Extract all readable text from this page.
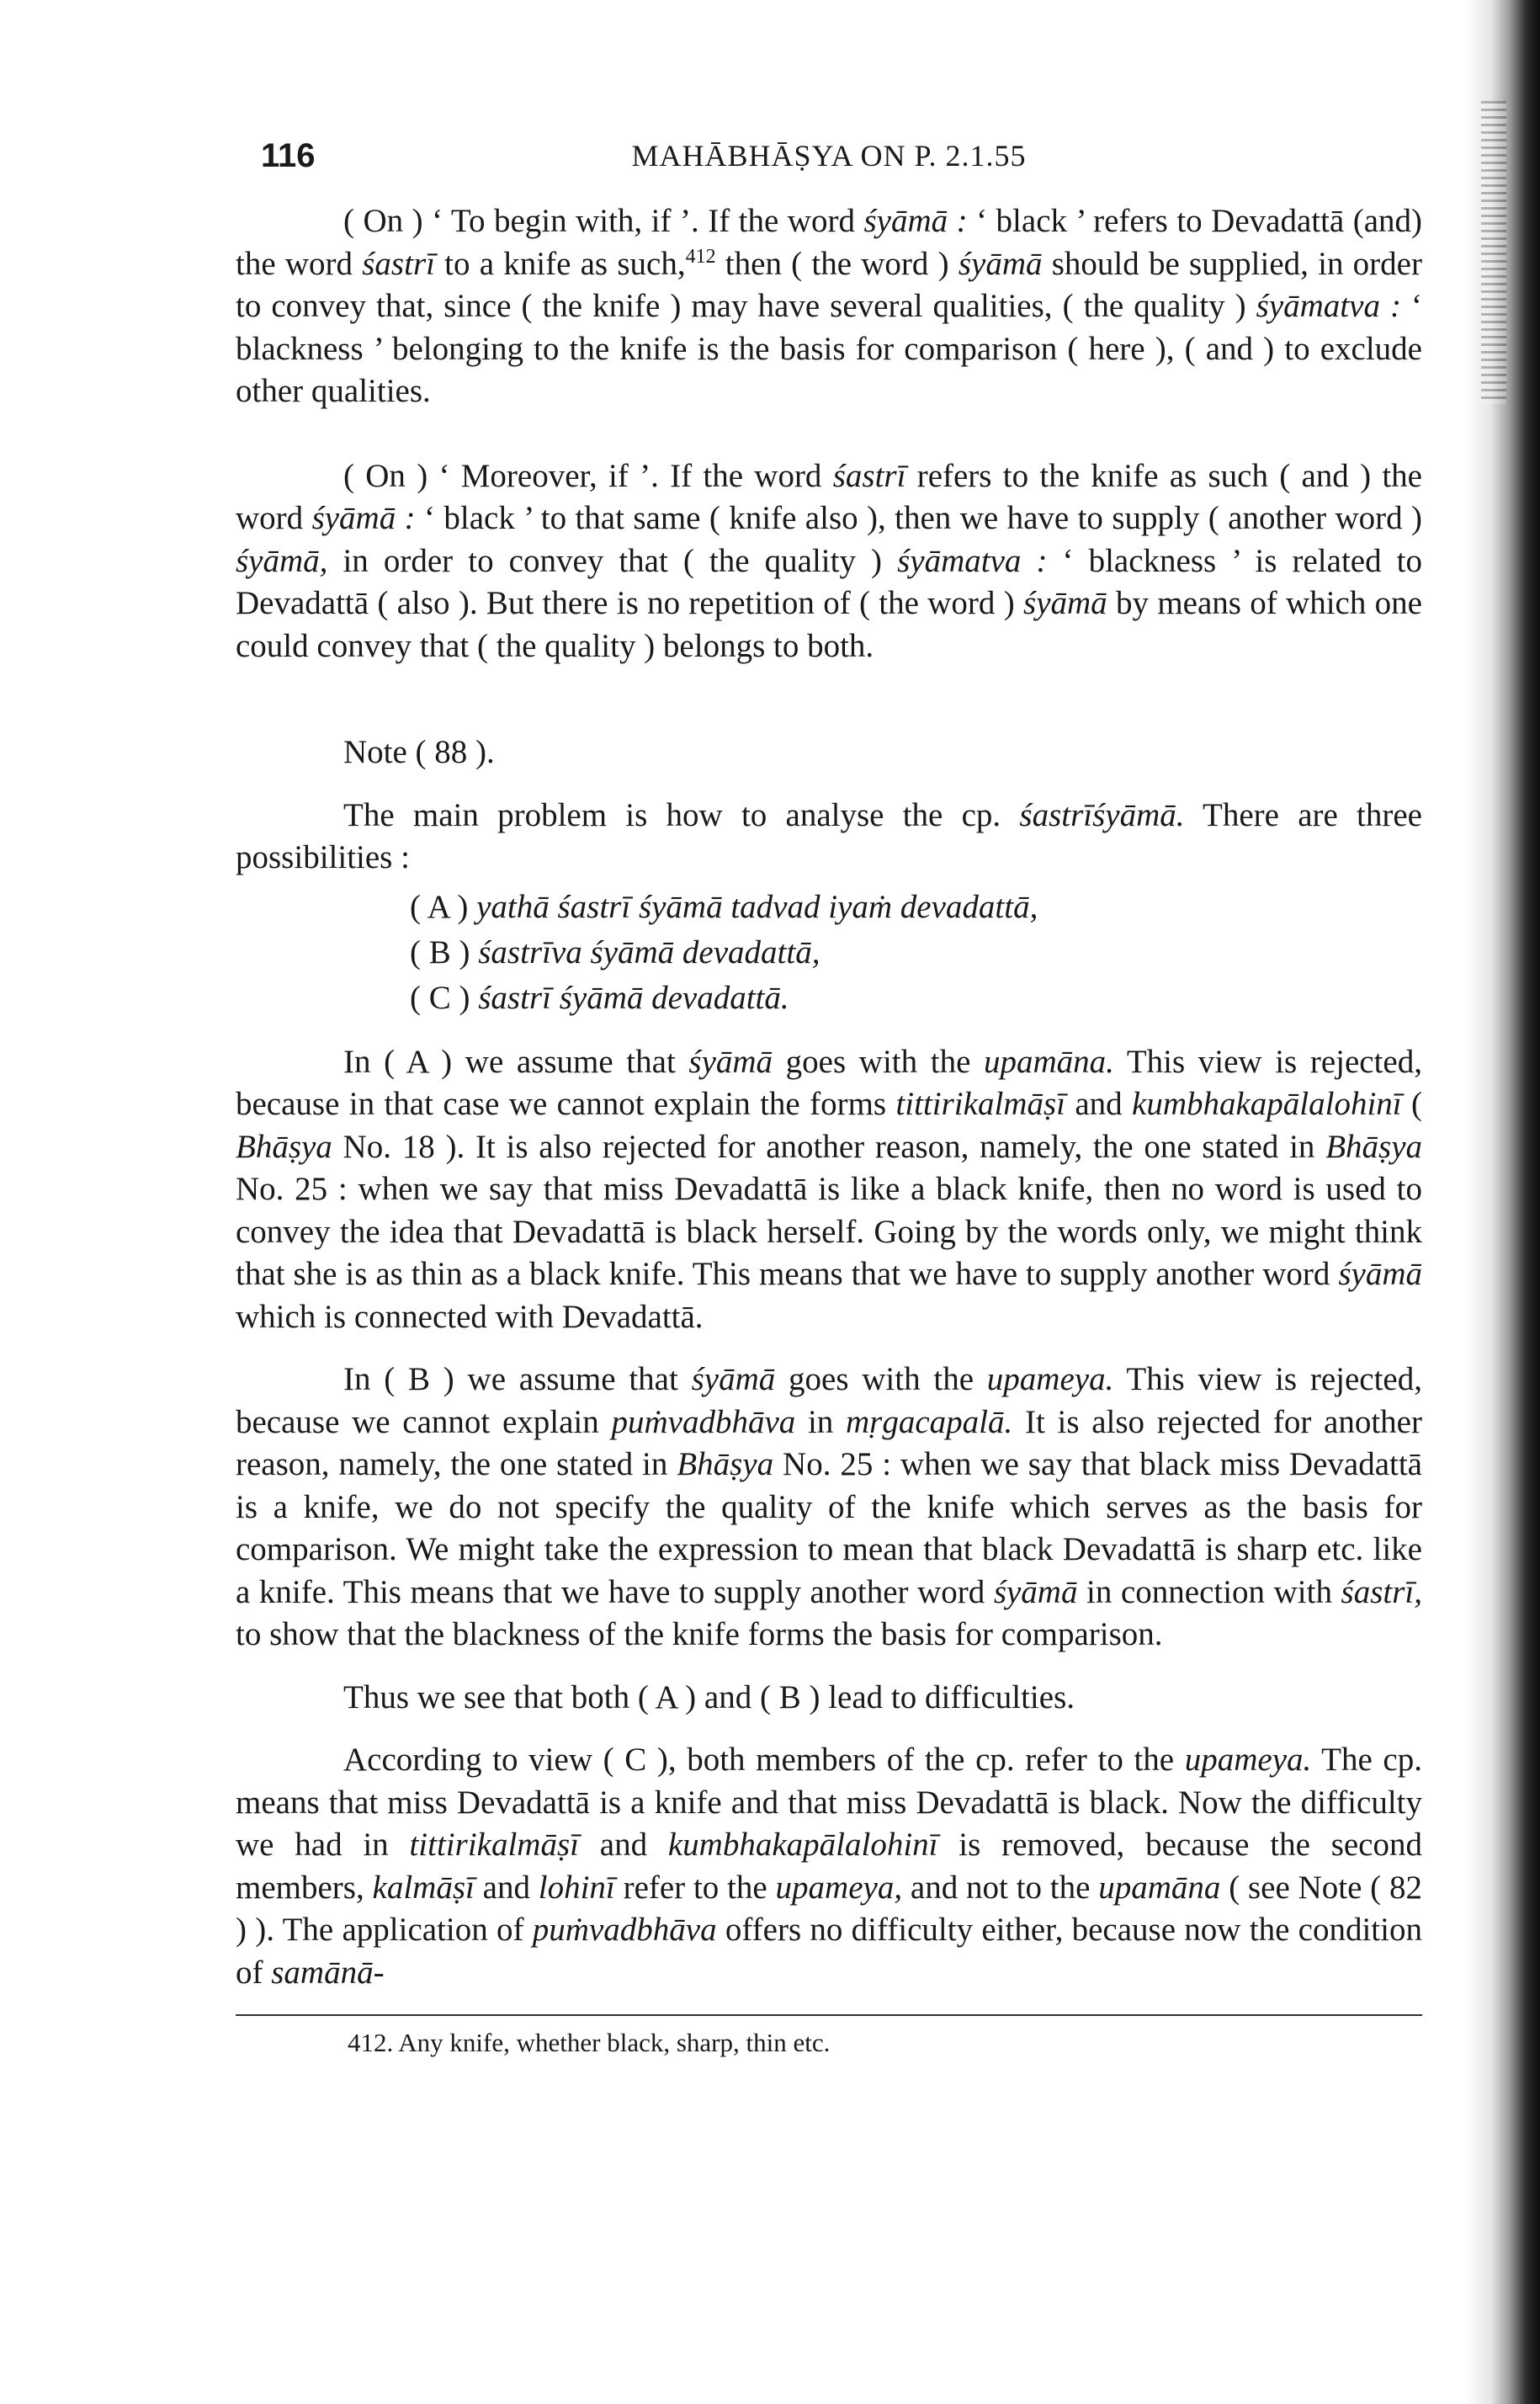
116	MAHĀBHĀṢYA ON P. 2.1.55

( On ) ‘ To begin with, if ’. If the word śyāmā : ‘ black ’ refers to Devadattā (and) the word śastrī to a knife as such,$^{412}$ then ( the word ) śyāmā should be supplied, in order to convey that, since ( the knife ) may have several qualities, ( the quality ) śyāmatva : ‘ blackness ’ belonging to the knife is the basis for comparison ( here ), ( and ) to exclude other qualities.

( On ) ‘ Moreover, if ’. If the word śastrī refers to the knife as such ( and ) the word śyāmā : ‘ black ’ to that same ( knife also ), then we have to supply ( another word ) śyāmā, in order to convey that ( the quality ) śyāmatva : ‘ blackness ’ is related to Devadattā ( also ). But there is no repetition of ( the word ) śyāmā by means of which one could convey that ( the quality ) belongs to both.

Note ( 88 ).

The main problem is how to analyse the cp. śastrīśyāmā. There are three possibilities :

( A ) yathā śastrī śyāmā tadvad iyaṁ devadattā,
( B ) śastrīva śyāmā devadattā,
( C ) śastrī śyāmā devadattā.

In ( A ) we assume that śyāmā goes with the upamāna. This view is rejected, because in that case we cannot explain the forms tittirikalmāṣī and kumbhakapālalohinī ( Bhāṣya No. 18 ). It is also rejected for another reason, namely, the one stated in Bhāṣya No. 25 : when we say that miss Devadattā is like a black knife, then no word is used to convey the idea that Devadattā is black herself. Going by the words only, we might think that she is as thin as a black knife. This means that we have to supply another word śyāmā which is connected with Devadattā.

In ( B ) we assume that śyāmā goes with the upameya. This view is rejected, because we cannot explain puṁvadbhāva in mṛgacapalā. It is also rejected for another reason, namely, the one stated in Bhāṣya No. 25 : when we say that black miss Devadattā is a knife, we do not specify the quality of the knife which serves as the basis for comparison. We might take the expression to mean that black Devadattā is sharp etc. like a knife. This means that we have to supply another word śyāmā in connection with śastrī, to show that the blackness of the knife forms the basis for comparison.

Thus we see that both ( A ) and ( B ) lead to difficulties.

According to view ( C ), both members of the cp. refer to the upameya. The cp. means that miss Devadattā is a knife and that miss Devadattā is black. Now the difficulty we had in tittirikalmāṣī and kumbhakapālalohinī is removed, because the second members, kalmāṣī and lohinī refer to the upameya, and not to the upamāna ( see Note ( 82 ) ). The application of puṁvadbhāva offers no difficulty either, because now the condition of samānā-

412. Any knife, whether black, sharp, thin etc.
